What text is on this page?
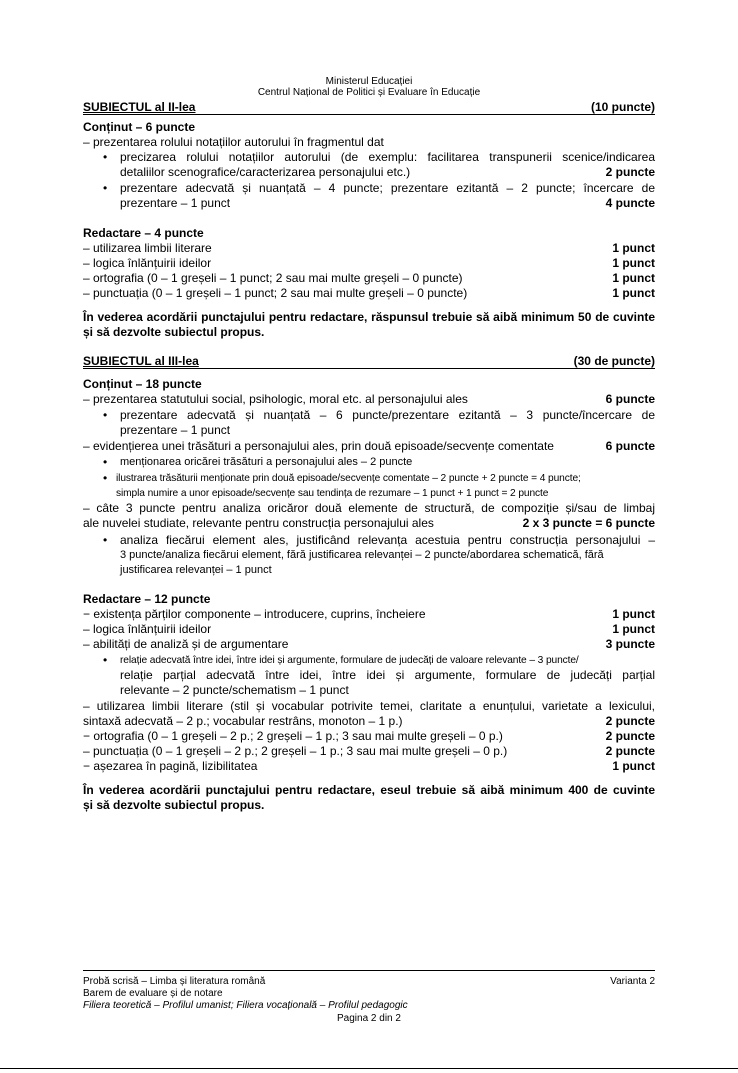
Ministerul Educației
Centrul Național de Politici și Evaluare în Educație
SUBIECTUL al II-lea	(10 puncte)
Conținut – 6 puncte
– prezentarea rolului notațiilor autorului în fragmentul dat
• precizarea rolului notațiilor autorului (de exemplu: facilitarea transpunerii scenice/indicarea
detaliilor scenografice/caracterizarea personajului etc.)	2 puncte
• prezentare adecvată și nuanțată – 4 puncte; prezentare ezitantă – 2 puncte; încercare de
prezentare – 1 punct	4 puncte
Redactare – 4 puncte
– utilizarea limbii literare	1 punct
– logica înlănțuirii ideilor	1 punct
– ortografia (0 – 1 greșeli – 1 punct; 2 sau mai multe greșeli – 0 puncte)	1 punct
– punctuația (0 – 1 greșeli – 1 punct; 2 sau mai multe greșeli – 0 puncte)	1 punct
În vederea acordării punctajului pentru redactare, răspunsul trebuie să aibă minimum 50 de cuvinte
și să dezvolte subiectul propus.
SUBIECTUL al III-lea	(30 de puncte)
Conținut – 18 puncte
– prezentarea statutului social, psihologic, moral etc. al personajului ales	6 puncte
• prezentare adecvată și nuanțată – 6 puncte/prezentare ezitantă – 3 puncte/încercare de
prezentare – 1 punct
– evidențierea unei trăsături a personajului ales, prin două episoade/secvențe comentate	6 puncte
• menționarea oricărei trăsături a personajului ales – 2 puncte
• ilustrarea trăsăturii menționate prin două episoade/secvențe comentate – 2 puncte + 2 puncte = 4 puncte;
simpla numire a unor episoade/secvențe sau tendința de rezumare – 1 punct + 1 punct = 2 puncte
– câte 3 puncte pentru analiza oricăror două elemente de structură, de compoziție și/sau de limbaj
ale nuvelei studiate, relevante pentru construcția personajului ales	2 x 3 puncte = 6 puncte
• analiza fiecărui element ales, justificând relevanța acestuia pentru construcția personajului –
3 puncte/analiza fiecărui element, fără justificarea relevanței – 2 puncte/abordarea schematică, fără
justificarea relevanței – 1 punct
Redactare – 12 puncte
− existența părților componente – introducere, cuprins, încheiere	1 punct
– logica înlănțuirii ideilor	1 punct
– abilități de analiză și de argumentare	3 puncte
• relație adecvată între idei, între idei și argumente, formulare de judecăți de valoare relevante – 3 puncte/
relație parțial adecvată între idei, între idei și argumente, formulare de judecăți parțial
relevante – 2 puncte/schematism – 1 punct
– utilizarea limbii literare (stil și vocabular potrivite temei, claritate a enunțului, varietate a lexicului,
sintaxă adecvată – 2 p.; vocabular restrâns, monoton – 1 p.)	2 puncte
− ortografia (0 – 1 greșeli – 2 p.; 2 greșeli – 1 p.; 3 sau mai multe greșeli – 0 p.)	2 puncte
– punctuația (0 – 1 greșeli – 2 p.; 2 greșeli – 1 p.; 3 sau mai multe greșeli – 0 p.)	2 puncte
− așezarea în pagină, lizibilitatea	1 punct
În vederea acordării punctajului pentru redactare, eseul trebuie să aibă minimum 400 de cuvinte
și să dezvolte subiectul propus.
Probă scrisă – Limba și literatura română	Varianta 2
Barem de evaluare și de notare
Filiera teoretică – Profilul umanist; Filiera vocațională – Profilul pedagogic
Pagina 2 din 2
